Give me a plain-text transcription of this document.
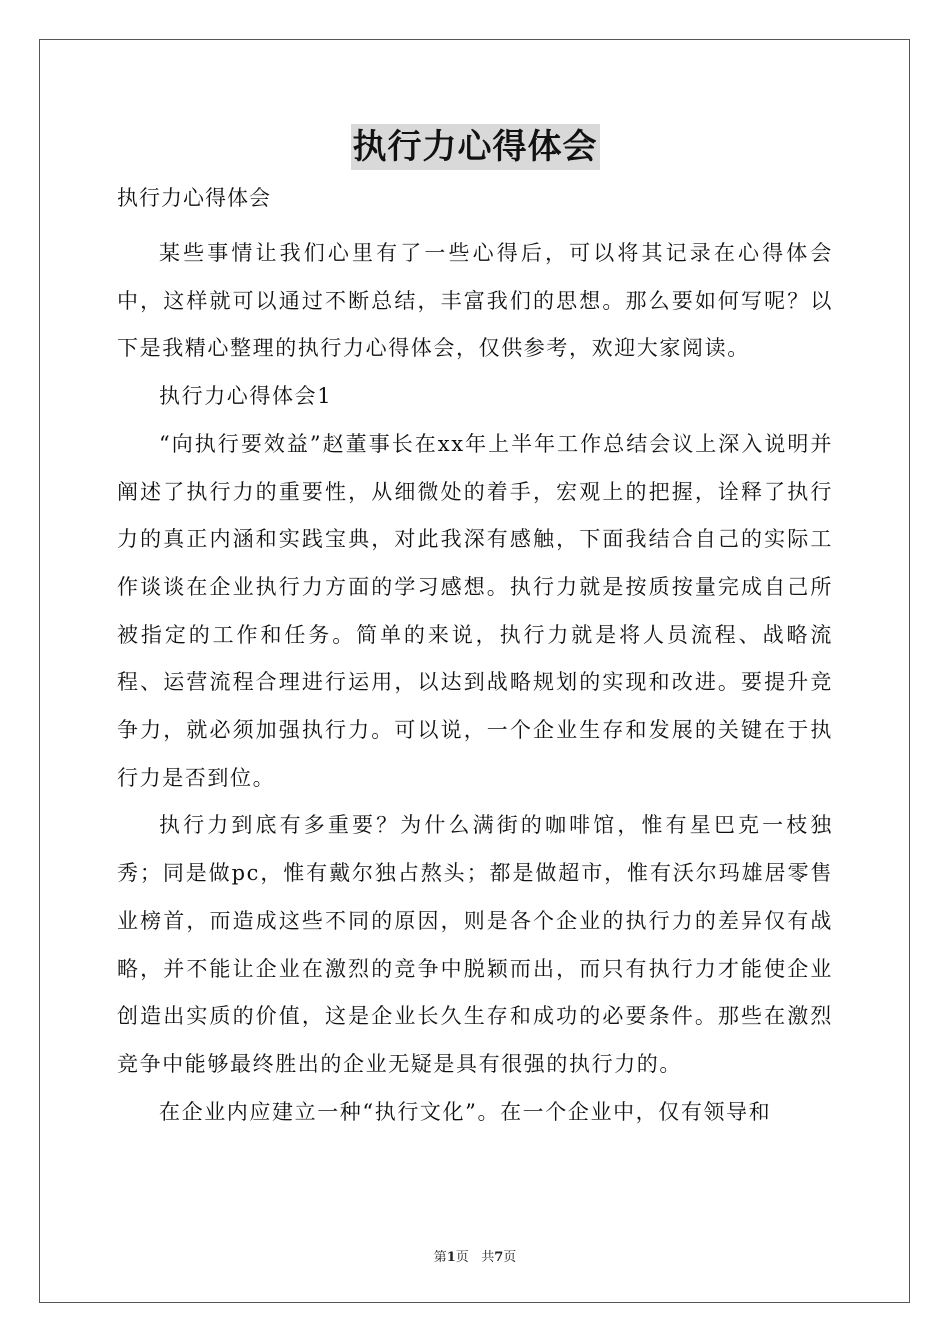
执行力心得体会
执行力心得体会

某些事情让我们心里有了一些心得后，可以将其记录在心得体会中，这样就可以通过不断总结，丰富我们的思想。那么要如何写呢？以下是我精心整理的执行力心得体会，仅供参考，欢迎大家阅读。

执行力心得体会1

“向执行要效益”赵董事长在xx年上半年工作总结会议上深入说明并阐述了执行力的重要性，从细微处的着手，宏观上的把握，诠释了执行力的真正内涵和实践宝典，对此我深有感触，下面我结合自己的实际工作谈谈在企业执行力方面的学习感想。执行力就是按质按量完成自己所被指定的工作和任务。简单的来说，执行力就是将人员流程、战略流程、运营流程合理进行运用，以达到战略规划的实现和改进。要提升竞争力，就必须加强执行力。可以说，一个企业生存和发展的关键在于执行力是否到位。

执行力到底有多重要？为什么满街的咖啡馆，惟有星巴克一枝独秀；同是做pc，惟有戴尔独占熬头；都是做超市，惟有沃尔玛雄居零售业榜首，而造成这些不同的原因，则是各个企业的执行力的差异仅有战略，并不能让企业在激烈的竞争中脱颖而出，而只有执行力才能使企业创造出实质的价值，这是企业长久生存和成功的必要条件。那些在激烈竞争中能够最终胜出的企业无疑是具有很强的执行力的。

在企业内应建立一种“执行文化”。在一个企业中，仅有领导和

第1页 共7页
